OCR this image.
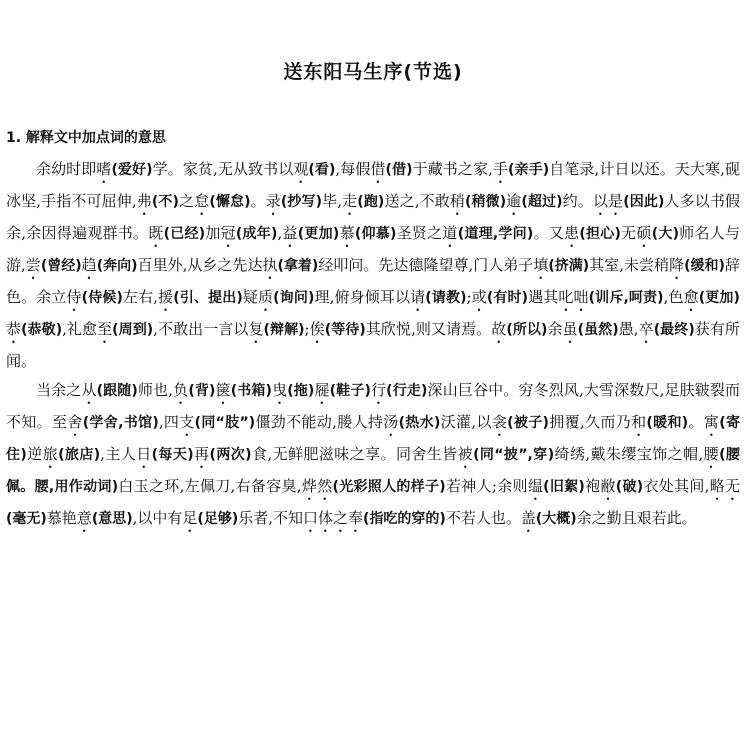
送东阳马生序(节选)
1. 解释文中加点词的意思

余幼时即嗜(爱好)学。家贫,无从致书以观(看),每假借(借)于藏书之家,手(亲手)自笔录,计日以还。天大寒,砚冰坚,手指不可屈伸,弗(不)之怠(懈怠)。录(抄写)毕,走(跑)送之,不敢稍(稍微)逾(超过)约。以是(因此)人多以书假余,余因得遍观群书。既(已经)加冠(成年),益(更加)慕(仰慕)圣贤之道(道理,学问)。又患(担心)无硕(大)师名人与游,尝(曾经)趋(奔向)百里外,从乡之先达执(拿着)经叩问。先达德隆望尊,门人弟子填(挤满)其室,未尝稍降(缓和)辞色。余立侍(侍候)左右,援(引、提出)疑质(询问)理,俯身倾耳以请(请教);或(有时)遇其叱咄(训斥,呵责),色愈(更加)恭(恭敬),礼愈至(周到),不敢出一言以复(辩解);俟(等待)其欣悦,则又请焉。故(所以)余虽(虽然)愚,卒(最终)获有所闻。

当余之从(跟随)师也,负(背)箧(书箱)曳(拖)屣(鞋子)行(行走)深山巨谷中。穷冬烈风,大雪深数尺,足肤皲裂而不知。至舍(学舍,书馆),四支(同“肢”)僵劲不能动,媵人持汤(热水)沃灌,以衾(被子)拥覆,久而乃和(暖和)。寓(寄住)逆旅(旅店),主人日(每天)再(两次)食,无鲜肥滋味之享。同舍生皆被(同“披”,穿)绮绣,戴朱缨宝饰之帽,腰(腰佩。腰,用作动词)白玉之环,左佩刀,右备容臭,烨然(光彩照人的样子)若神人;余则缊(旧絮)袍敝(破)衣处其间,略无(毫无)慕艳意(意思),以中有足(足够)乐者,不知口体之奉(指吃的穿的)不若人也。盖(大概)余之勤且艰若此。
